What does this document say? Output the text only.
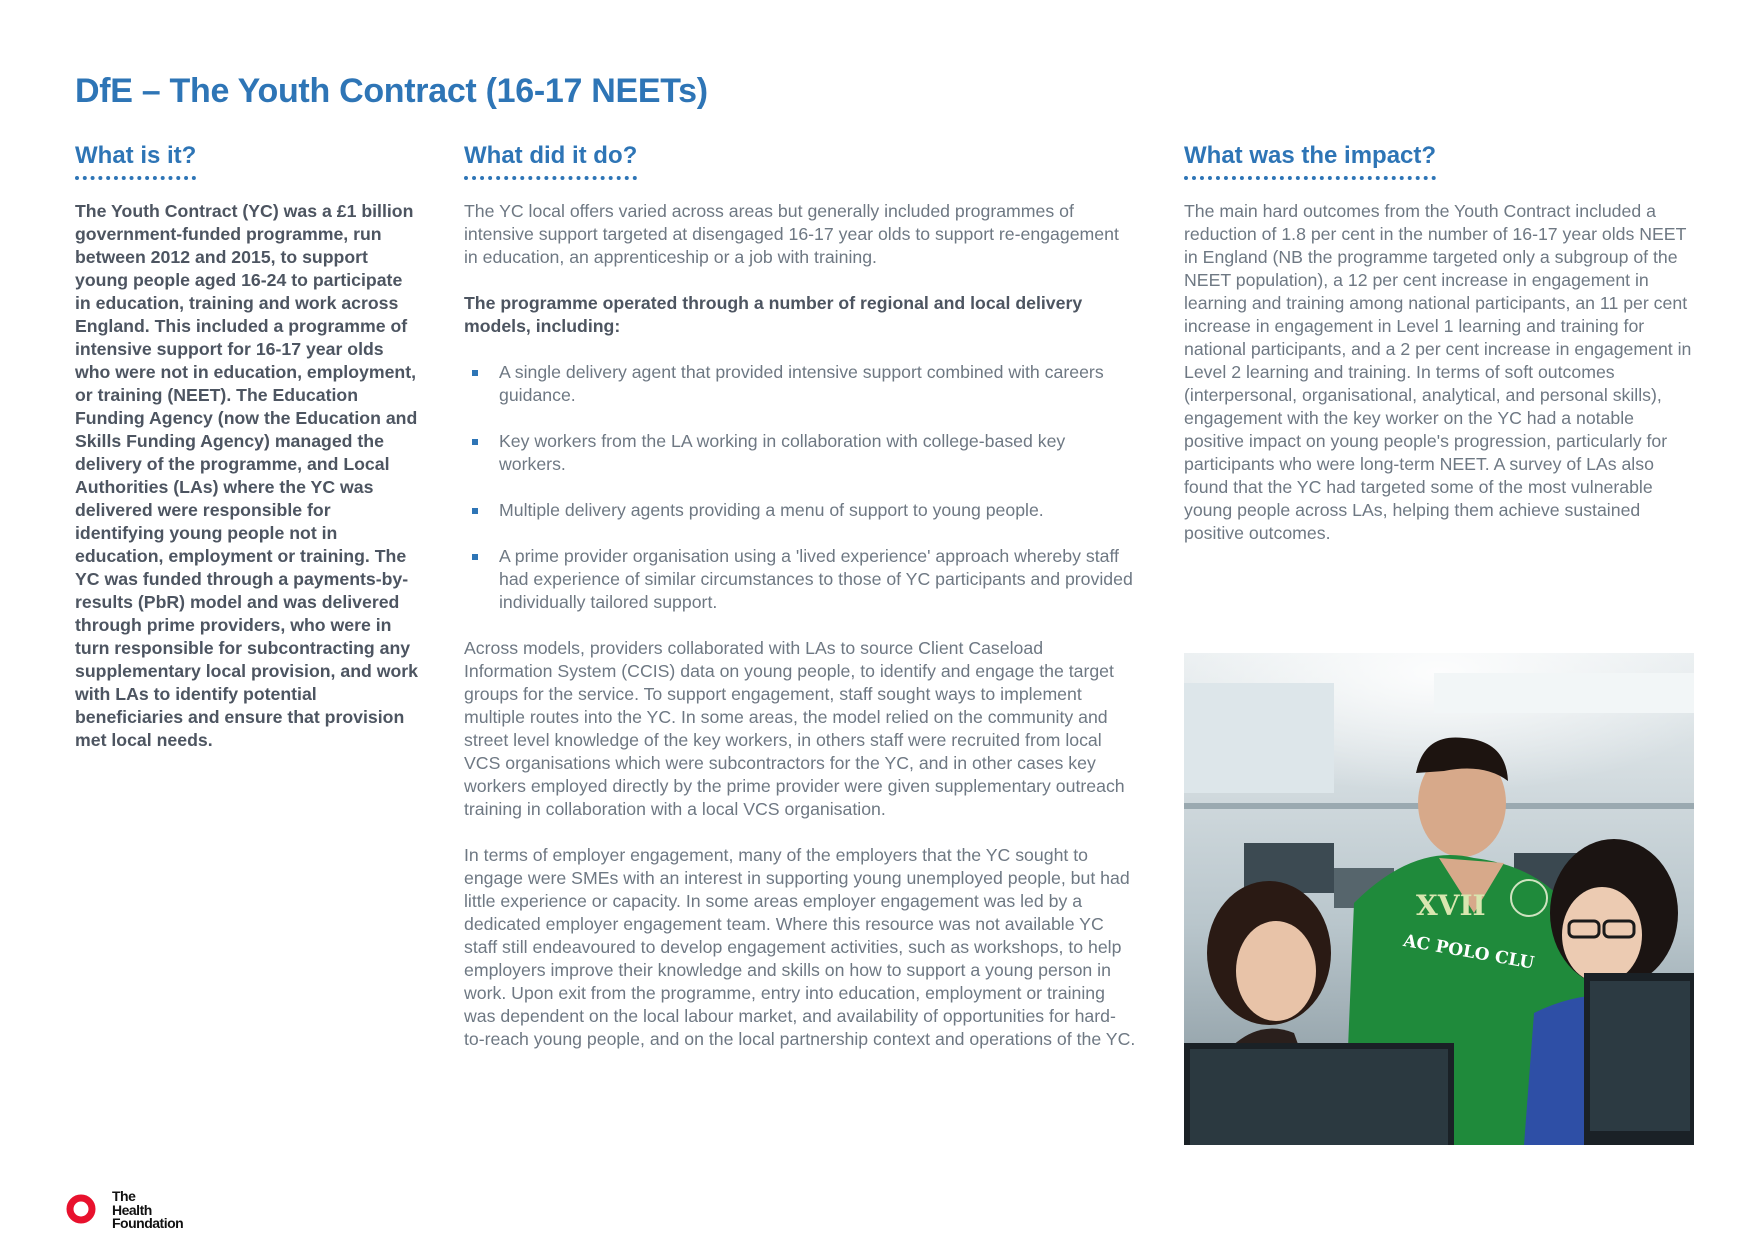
DfE – The Youth Contract (16-17 NEETs)
What is it?

The Youth Contract (YC) was a £1 billion government-funded programme, run between 2012 and 2015, to support young people aged 16-24 to participate in education, training and work across England. This included a programme of intensive support for 16-17 year olds who were not in education, employment, or training (NEET). The Education Funding Agency (now the Education and Skills Funding Agency) managed the delivery of the programme, and Local Authorities (LAs) where the YC was delivered were responsible for identifying young people not in education, employment or training. The YC was funded through a payments-by-results (PbR) model and was delivered through prime providers, who were in turn responsible for subcontracting any supplementary local provision, and work with LAs to identify potential beneficiaries and ensure that provision met local needs.

What did it do?

The YC local offers varied across areas but generally included programmes of intensive support targeted at disengaged 16-17 year olds to support re-engagement in education, an apprenticeship or a job with training.

The programme operated through a number of regional and local delivery models, including:

A single delivery agent that provided intensive support combined with careers guidance.
Key workers from the LA working in collaboration with college-based key workers.
Multiple delivery agents providing a menu of support to young people.
A prime provider organisation using a 'lived experience' approach whereby staff had experience of similar circumstances to those of YC participants and provided individually tailored support.

Across models, providers collaborated with LAs to source Client Caseload Information System (CCIS) data on young people, to identify and engage the target groups for the service. To support engagement, staff sought ways to implement multiple routes into the YC. In some areas, the model relied on the community and street level knowledge of the key workers, in others staff were recruited from local VCS organisations which were subcontractors for the YC, and in other cases key workers employed directly by the prime provider were given supplementary outreach training in collaboration with a local VCS organisation.

In terms of employer engagement, many of the employers that the YC sought to engage were SMEs with an interest in supporting young unemployed people, but had little experience or capacity. In some areas employer engagement was led by a dedicated employer engagement team. Where this resource was not available YC staff still endeavoured to develop engagement activities, such as workshops, to help employers improve their knowledge and skills on how to support a young person in work. Upon exit from the programme, entry into education, employment or training was dependent on the local labour market, and availability of opportunities for hard-to-reach young people, and on the local partnership context and operations of the YC.

What was the impact?

The main hard outcomes from the Youth Contract included a reduction of 1.8 per cent in the number of 16-17 year olds NEET in England (NB the programme targeted only a subgroup of the NEET population), a 12 per cent increase in engagement in learning and training among national participants, an 11 per cent increase in engagement in Level 1 learning and training for national participants, and a 2 per cent increase in engagement in Level 2 learning and training. In terms of soft outcomes (interpersonal, organisational, analytical, and personal skills), engagement with the key worker on the YC had a notable positive impact on young people's progression, particularly for participants who were long-term NEET. A survey of LAs also found that the YC had targeted some of the most vulnerable young people across LAs, helping them achieve sustained positive outcomes.

XVII
AC POLO CLU
The
Health
Foundation
